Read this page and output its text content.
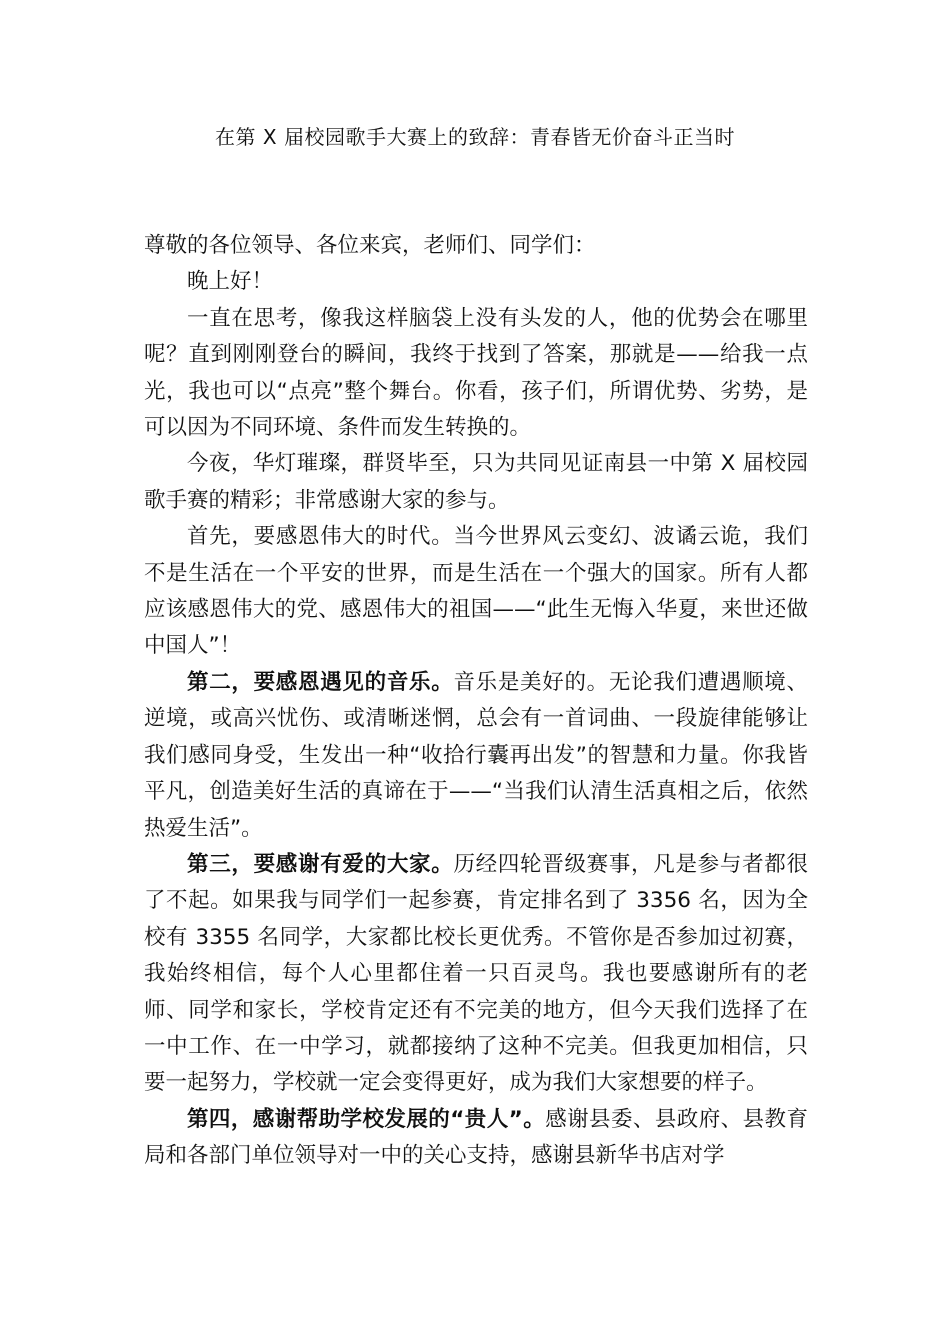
在第 X 届校园歌手大赛上的致辞：青春皆无价奋斗正当时

尊敬的各位领导、各位来宾，老师们、同学们：

晚上好！

一直在思考，像我这样脑袋上没有头发的人，他的优势会在哪里呢？直到刚刚登台的瞬间，我终于找到了答案，那就是——给我一点光，我也可以“点亮”整个舞台。你看，孩子们，所谓优势、劣势，是可以因为不同环境、条件而发生转换的。

今夜，华灯璀璨，群贤毕至，只为共同见证南县一中第 X 届校园歌手赛的精彩；非常感谢大家的参与。

首先，要感恩伟大的时代。当今世界风云变幻、波谲云诡，我们不是生活在一个平安的世界，而是生活在一个强大的国家。所有人都应该感恩伟大的党、感恩伟大的祖国——“此生无悔入华夏，来世还做中国人”！

第二，要感恩遇见的音乐。音乐是美好的。无论我们遭遇顺境、逆境，或高兴忧伤、或清晰迷惘，总会有一首词曲、一段旋律能够让我们感同身受，生发出一种“收拾行囊再出发”的智慧和力量。你我皆平凡，创造美好生活的真谛在于——“当我们认清生活真相之后，依然热爱生活”。

第三，要感谢有爱的大家。历经四轮晋级赛事，凡是参与者都很了不起。如果我与同学们一起参赛，肯定排名到了 3356 名，因为全校有 3355 名同学，大家都比校长更优秀。不管你是否参加过初赛，我始终相信，每个人心里都住着一只百灵鸟。我也要感谢所有的老师、同学和家长，学校肯定还有不完美的地方，但今天我们选择了在一中工作、在一中学习，就都接纳了这种不完美。但我更加相信，只要一起努力，学校就一定会变得更好，成为我们大家想要的样子。

第四，感谢帮助学校发展的“贵人”。感谢县委、县政府、县教育局和各部门单位领导对一中的关心支持，感谢县新华书店对学
